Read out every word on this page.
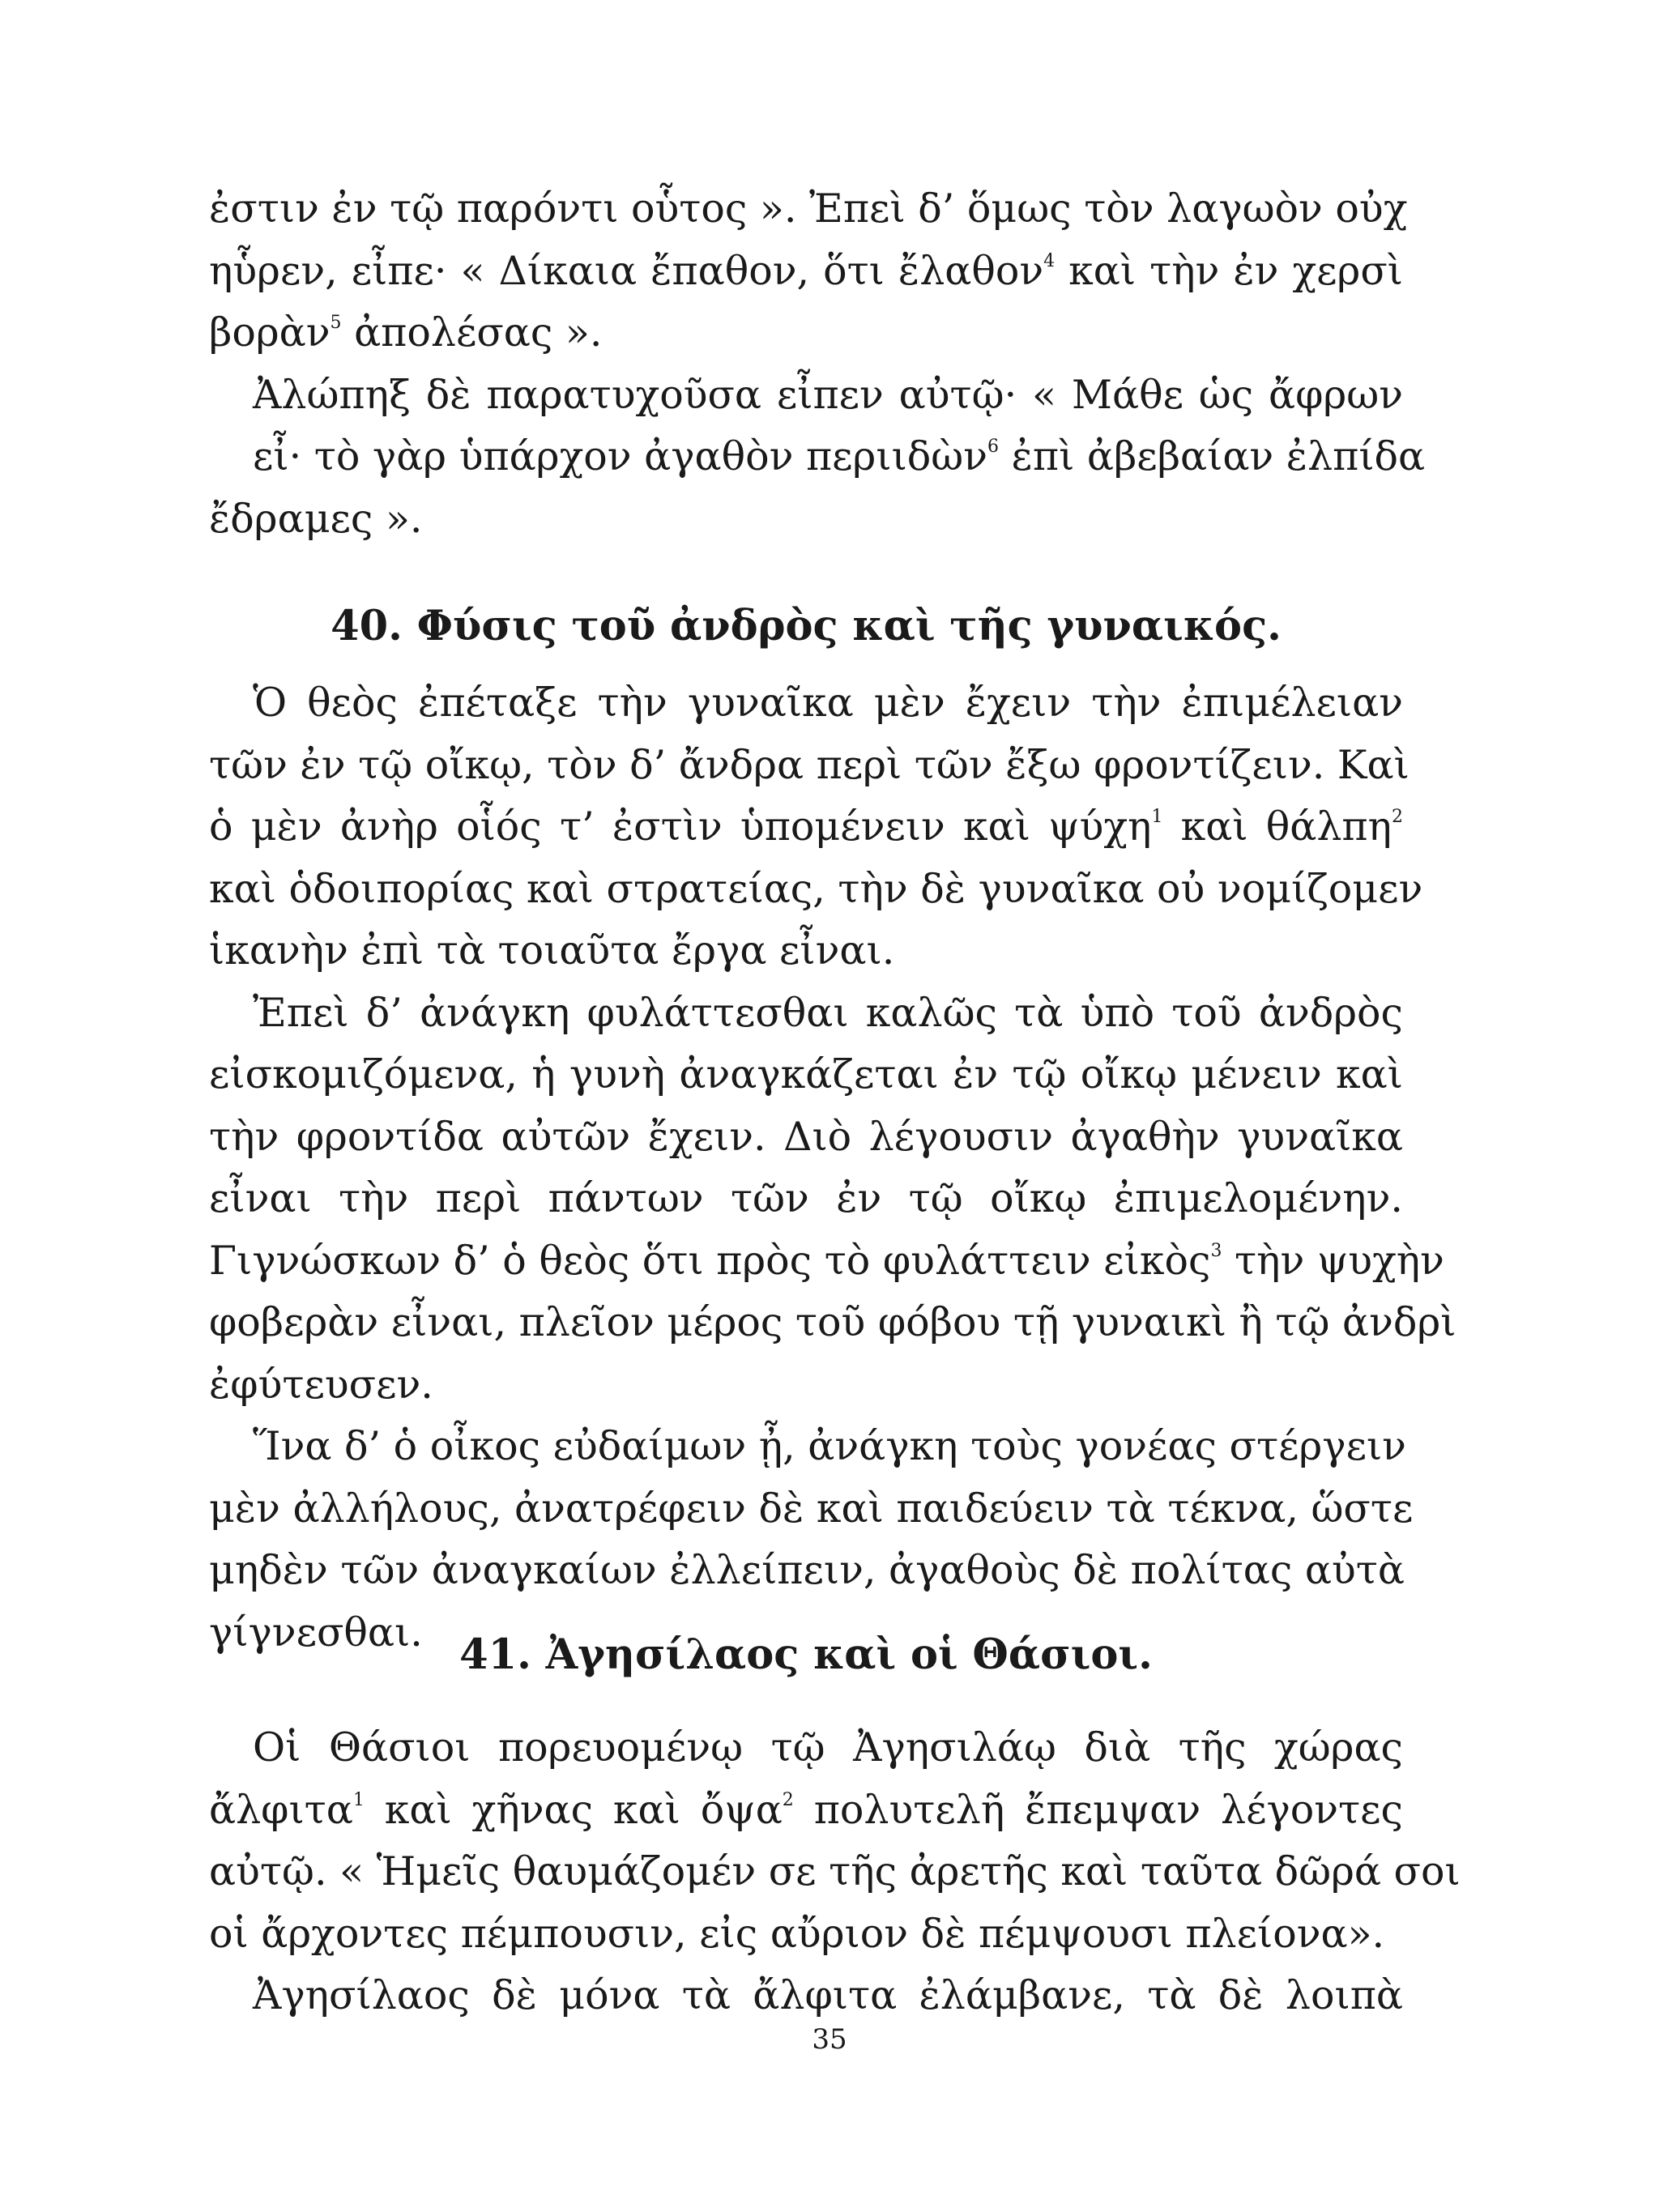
ἐστιν ἐν τῷ παρόντι οὗτος ». Ἐπεὶ δ’ ὅμως τὸν λαγωὸν οὐχ
ηὗρεν, εἶπε· « Δίκαια ἔπαθον, ὅτι ἔλαθον$^4$ καὶ τὴν ἐν χερσὶ
βορὰν$^5$ ἀπολέσας ».

Ἀλώπηξ δὲ παρατυχοῦσα εἶπεν αὐτῷ· « Μάθε ὡς ἄφρων
εἶ· τὸ γὰρ ὑπάρχον ἀγαθὸν περιιδὼν$^6$ ἐπὶ ἀβεβαίαν ἐλπίδα
ἔδραμες ».

40. Φύσις τοῦ ἀνδρὸς καὶ τῆς γυναικός.

Ὁ θεὸς ἐπέταξε τὴν γυναῖκα μὲν ἔχειν τὴν ἐπιμέλειαν
τῶν ἐν τῷ οἴκῳ, τὸν δ’ ἄνδρα περὶ τῶν ἔξω φροντίζειν. Καὶ
ὁ μὲν ἀνὴρ οἷός τ’ ἐστὶν ὑπομένειν καὶ ψύχη$^1$ καὶ θάλπη$^2$
καὶ ὁδοιπορίας καὶ στρατείας, τὴν δὲ γυναῖκα οὐ νομίζομεν
ἱκανὴν ἐπὶ τὰ τοιαῦτα ἔργα εἶναι.

Ἐπεὶ δ’ ἀνάγκη φυλάττεσθαι καλῶς τὰ ὑπὸ τοῦ ἀνδρὸς
εἰσκομιζόμενα, ἡ γυνὴ ἀναγκάζεται ἐν τῷ οἴκῳ μένειν καὶ
τὴν φροντίδα αὐτῶν ἔχειν. Διὸ λέγουσιν ἀγαθὴν γυναῖκα
εἶναι τὴν περὶ πάντων τῶν ἐν τῷ οἴκῳ ἐπιμελομένην.
Γιγνώσκων δ’ ὁ θεὸς ὅτι πρὸς τὸ φυλάττειν εἰκὸς$^3$ τὴν ψυχὴν
φοβερὰν εἶναι, πλεῖον μέρος τοῦ φόβου τῇ γυναικὶ ἢ τῷ ἀνδρὶ
ἐφύτευσεν.

Ἵνα δ’ ὁ οἶκος εὐδαίμων ᾖ, ἀνάγκη τοὺς γονέας στέργειν
μὲν ἀλλήλους, ἀνατρέφειν δὲ καὶ παιδεύειν τὰ τέκνα, ὥστε
μηδὲν τῶν ἀναγκαίων ἐλλείπειν, ἀγαθοὺς δὲ πολίτας αὐτὰ
γίγνεσθαι. 41. Ἀγησίλαος καὶ οἱ Θάσιοι.

Οἱ Θάσιοι πορευομένῳ τῷ Ἀγησιλάῳ διὰ τῆς χώρας
ἄλφιτα$^1$ καὶ χῆνας καὶ ὄψα$^2$ πολυτελῆ ἔπεμψαν λέγοντες
αὐτῷ. « Ἡμεῖς θαυμάζομέν σε τῆς ἀρετῆς καὶ ταῦτα δῶρά σοι
οἱ ἄρχοντες πέμπουσιν, εἰς αὔριον δὲ πέμψουσι πλείονα».

Ἀγησίλαος δὲ μόνα τὰ ἄλφιτα ἐλάμβανε, τὰ δὲ λοιπὰ

35
